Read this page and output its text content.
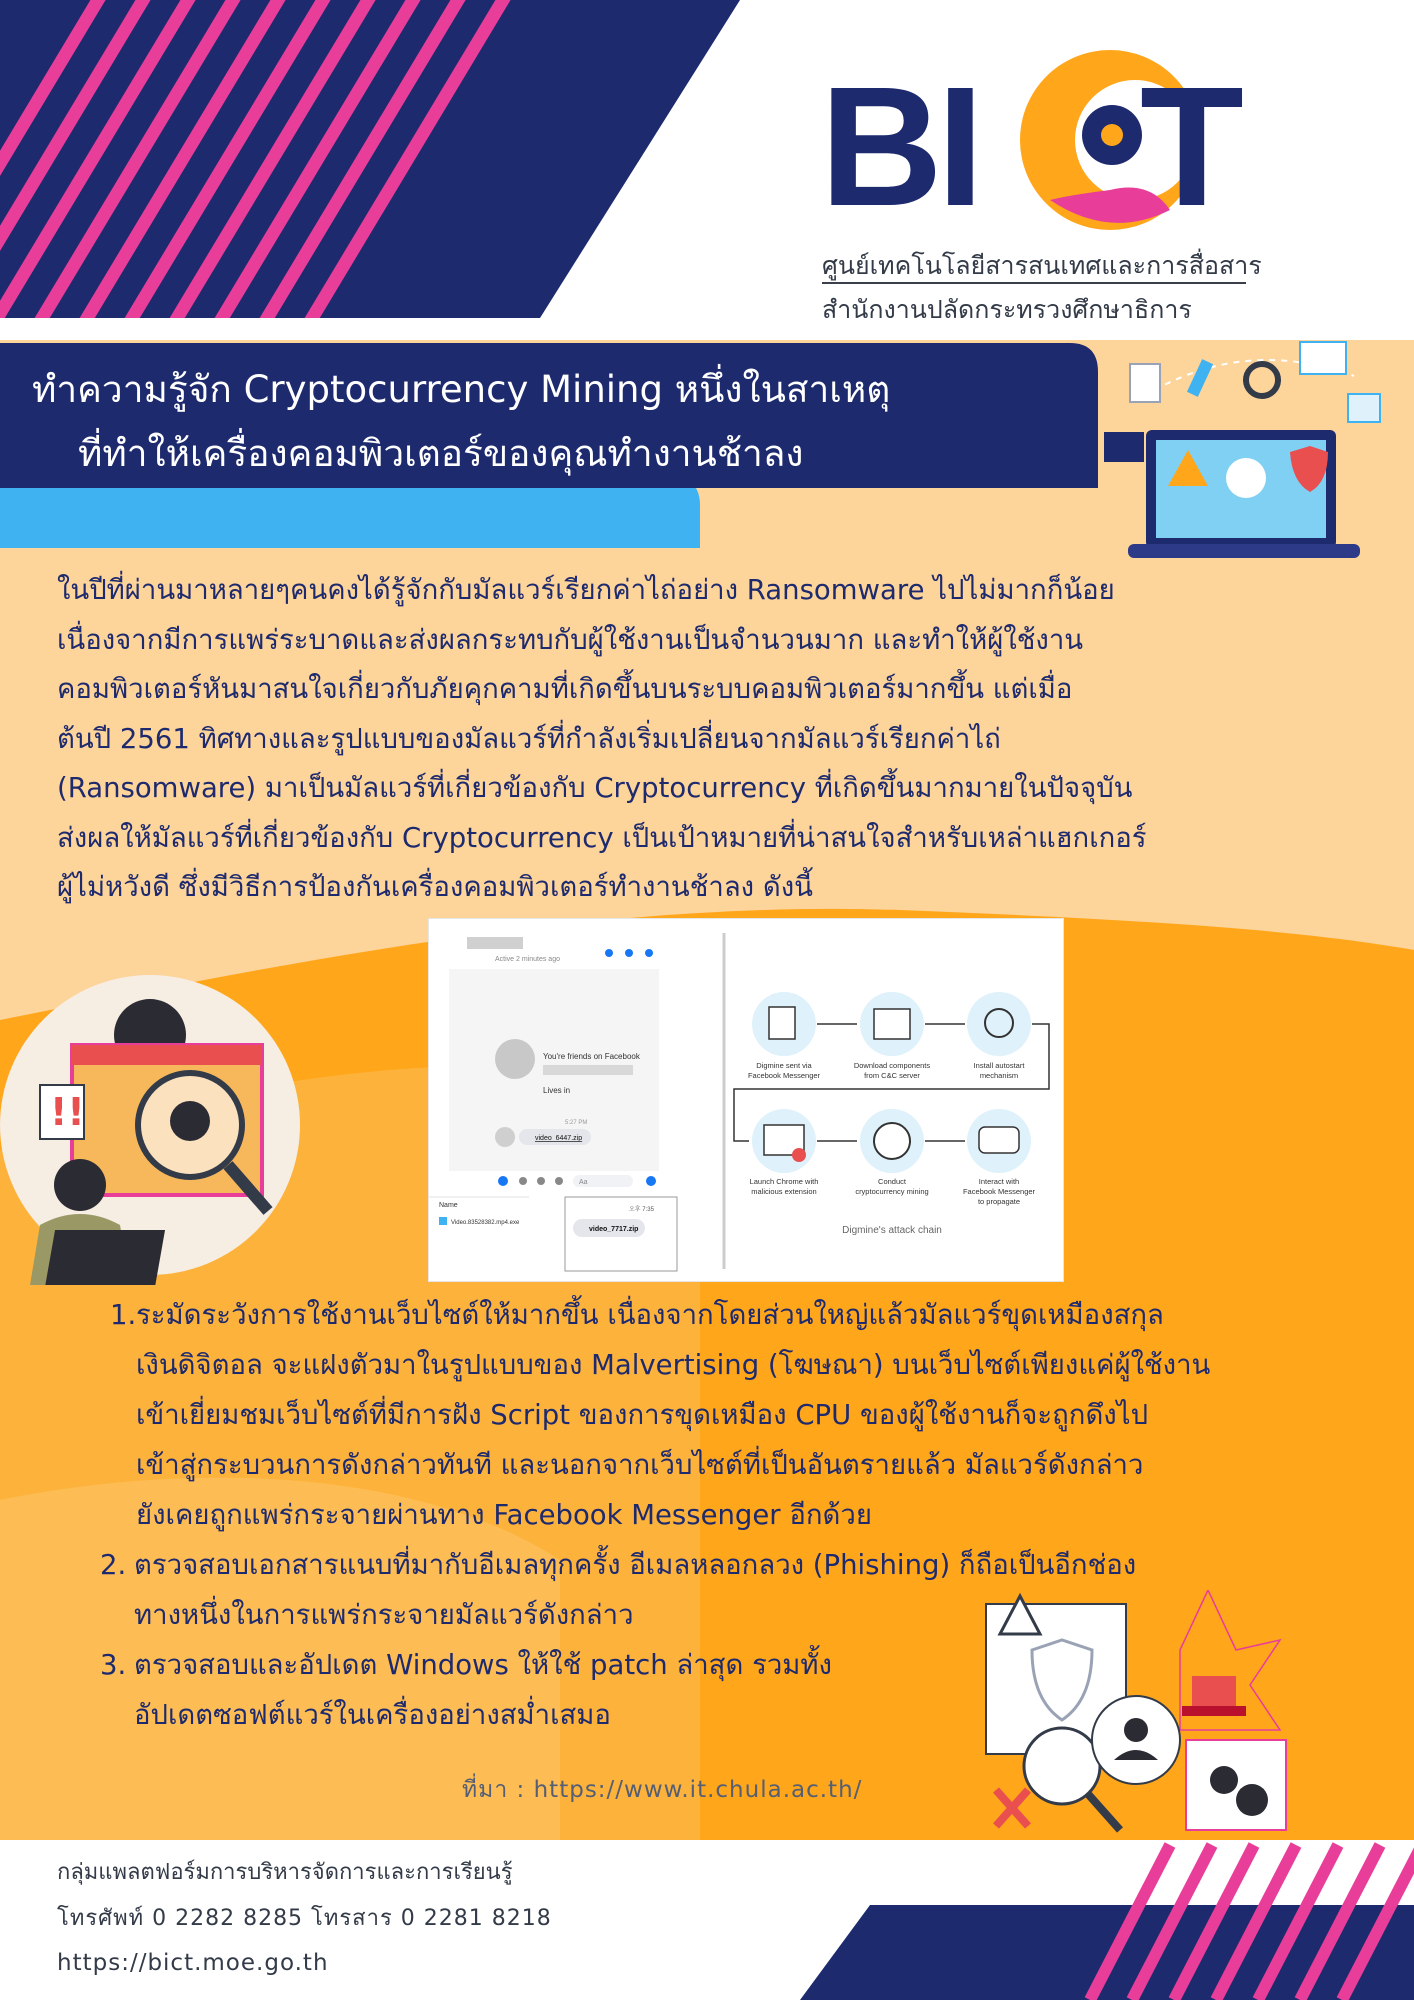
BI T
ศูนย์เทคโนโลยีสารสนเทศและการสื่อสาร
สำนักงานปลัดกระทรวงศึกษาธิการ
ทำความรู้จัก Cryptocurrency Mining หนึ่งในสาเหตุ
ที่ทำให้เครื่องคอมพิวเตอร์ของคุณทำงานช้าลง

ในปีที่ผ่านมาหลายๆคนคงได้รู้จักกับมัลแวร์เรียกค่าไถ่อย่าง Ransomware ไปไม่มากก็น้อย

เนื่องจากมีการแพร่ระบาดและส่งผลกระทบกับผู้ใช้งานเป็นจำนวนมาก และทำให้ผู้ใช้งาน

คอมพิวเตอร์หันมาสนใจเกี่ยวกับภัยคุกคามที่เกิดขึ้นบนระบบคอมพิวเตอร์มากขึ้น แต่เมื่อ

ต้นปี 2561 ทิศทางและรูปแบบของมัลแวร์ที่กำลังเริ่มเปลี่ยนจากมัลแวร์เรียกค่าไถ่

(Ransomware) มาเป็นมัลแวร์ที่เกี่ยวข้องกับ Cryptocurrency ที่เกิดขึ้นมากมายในปัจจุบัน

ส่งผลให้มัลแวร์ที่เกี่ยวข้องกับ Cryptocurrency เป็นเป้าหมายที่น่าสนใจสำหรับเหล่าแฮกเกอร์

ผู้ไม่หวังดี ซึ่งมีวิธีการป้องกันเครื่องคอมพิวเตอร์ทำงานช้าลง ดังนี้

!!
Active 2 minutes ago
You're friends on Facebook
Lives in
5:27 PM
video_6447.zip
Aa
Name
Video.83528382.mp4.exe
오후 7:35
video_7717.zip
Digmine sent via
Facebook Messenger
Download components
from C&C server
Install autostart
mechanism
Launch Chrome with
malicious extension
Conduct
cryptocurrency mining
Interact with
Facebook Messenger
to propagate
Digmine's attack chain
1. ระมัดระวังการใช้งานเว็บไซต์ให้มากขึ้น เนื่องจากโดยส่วนใหญ่แล้วมัลแวร์ขุดเหมืองสกุล

เงินดิจิตอล จะแฝงตัวมาในรูปแบบของ Malvertising (โฆษณา) บนเว็บไซต์เพียงแค่ผู้ใช้งาน

เข้าเยี่ยมชมเว็บไซต์ที่มีการฝัง Script ของการขุดเหมือง CPU ของผู้ใช้งานก็จะถูกดึงไป

เข้าสู่กระบวนการดังกล่าวทันที และนอกจากเว็บไซต์ที่เป็นอันตรายแล้ว มัลแวร์ดังกล่าว

ยังเคยถูกแพร่กระจายผ่านทาง Facebook Messenger อีกด้วย

2. ตรวจสอบเอกสารแนบที่มากับอีเมลทุกครั้ง อีเมลหลอกลวง (Phishing) ก็ถือเป็นอีกช่อง

ทางหนึ่งในการแพร่กระจายมัลแวร์ดังกล่าว

3. ตรวจสอบและอัปเดต Windows ให้ใช้ patch ล่าสุด รวมทั้ง

อัปเดตซอฟต์แวร์ในเครื่องอย่างสม่ำเสมอ

ที่มา : https://www.it.chula.ac.th/
กลุ่มแพลตฟอร์มการบริหารจัดการและการเรียนรู้
โทรศัพท์ 0 2282 8285 โทรสาร 0 2281 8218
https://bict.moe.go.th
